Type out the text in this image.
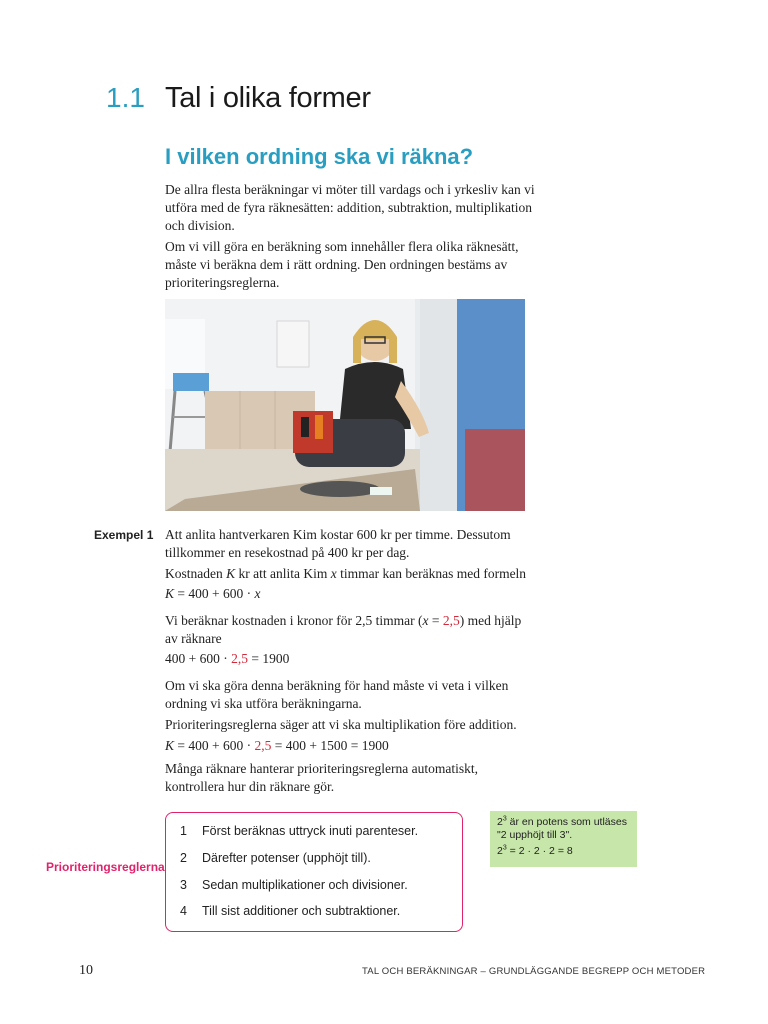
1.1 Tal i olika former
I vilken ordning ska vi räkna?
De allra flesta beräkningar vi möter till vardags och i yrkesliv kan vi
utföra med de fyra räknesätten: addition, subtraktion, multiplikation
och division.
Om vi vill göra en beräkning som innehåller flera olika räknesätt,
måste vi beräkna dem i rätt ordning. Den ordningen bestäms av
prioriteringsreglerna.
Exempel 1 Att anlita hantverkaren Kim kostar 600 kr per timme. Dessutom
tillkommer en resekostnad på 400 kr per dag.
Kostnaden K kr att anlita Kim x timmar kan beräknas med formeln
K = 400 + 600 · x
Vi beräknar kostnaden i kronor för 2,5 timmar (x = 2,5) med hjälp
av räknare
400 + 600 · 2,5 = 1900
Om vi ska göra denna beräkning för hand måste vi veta i vilken
ordning vi ska utföra beräkningarna.
Prioriteringsreglerna säger att vi ska multiplikation före addition.
K = 400 + 600 · 2,5 = 400 + 1500 = 1900
Många räknare hanterar prioriteringsreglerna automatiskt,
kontrollera hur din räknare gör.
Prioriteringsreglerna
1 Först beräknas uttryck inuti parenteser.
2 Därefter potenser (upphöjt till).
3 Sedan multiplikationer och divisioner.
4 Till sist additioner och subtraktioner.
$2^3$ är en potens som utläses
"2 upphöjt till 3".
$2^3 = 2 \cdot 2 \cdot 2 = 8$
10	TAL OCH BERÄKNINGAR – GRUNDLÄGGANDE BEGREPP OCH METODER
